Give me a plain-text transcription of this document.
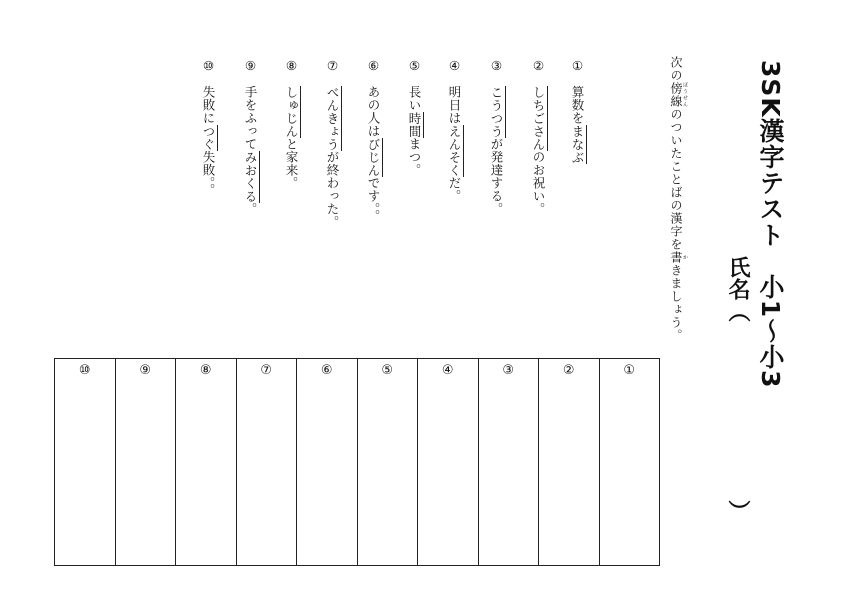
3SK漢字テスト　小1～小3
氏名（
）
次の傍線 ぼうせんのついたことばの漢字を書 かきましょう。
①算数をまなぶ
②しちごさんのお祝い。
③こうつうが発達する。
④明日はえんそくだ。
⑤長い時間まつ。
⑥あの人はびじんです。。
⑦べんきょうが終わった。
⑧しゅじんと家来。
⑨手をふってみおくる。
⑩失敗につぐ失敗。。
⑩	⑨	⑧	⑦	⑥	⑤	④	③	②	①
